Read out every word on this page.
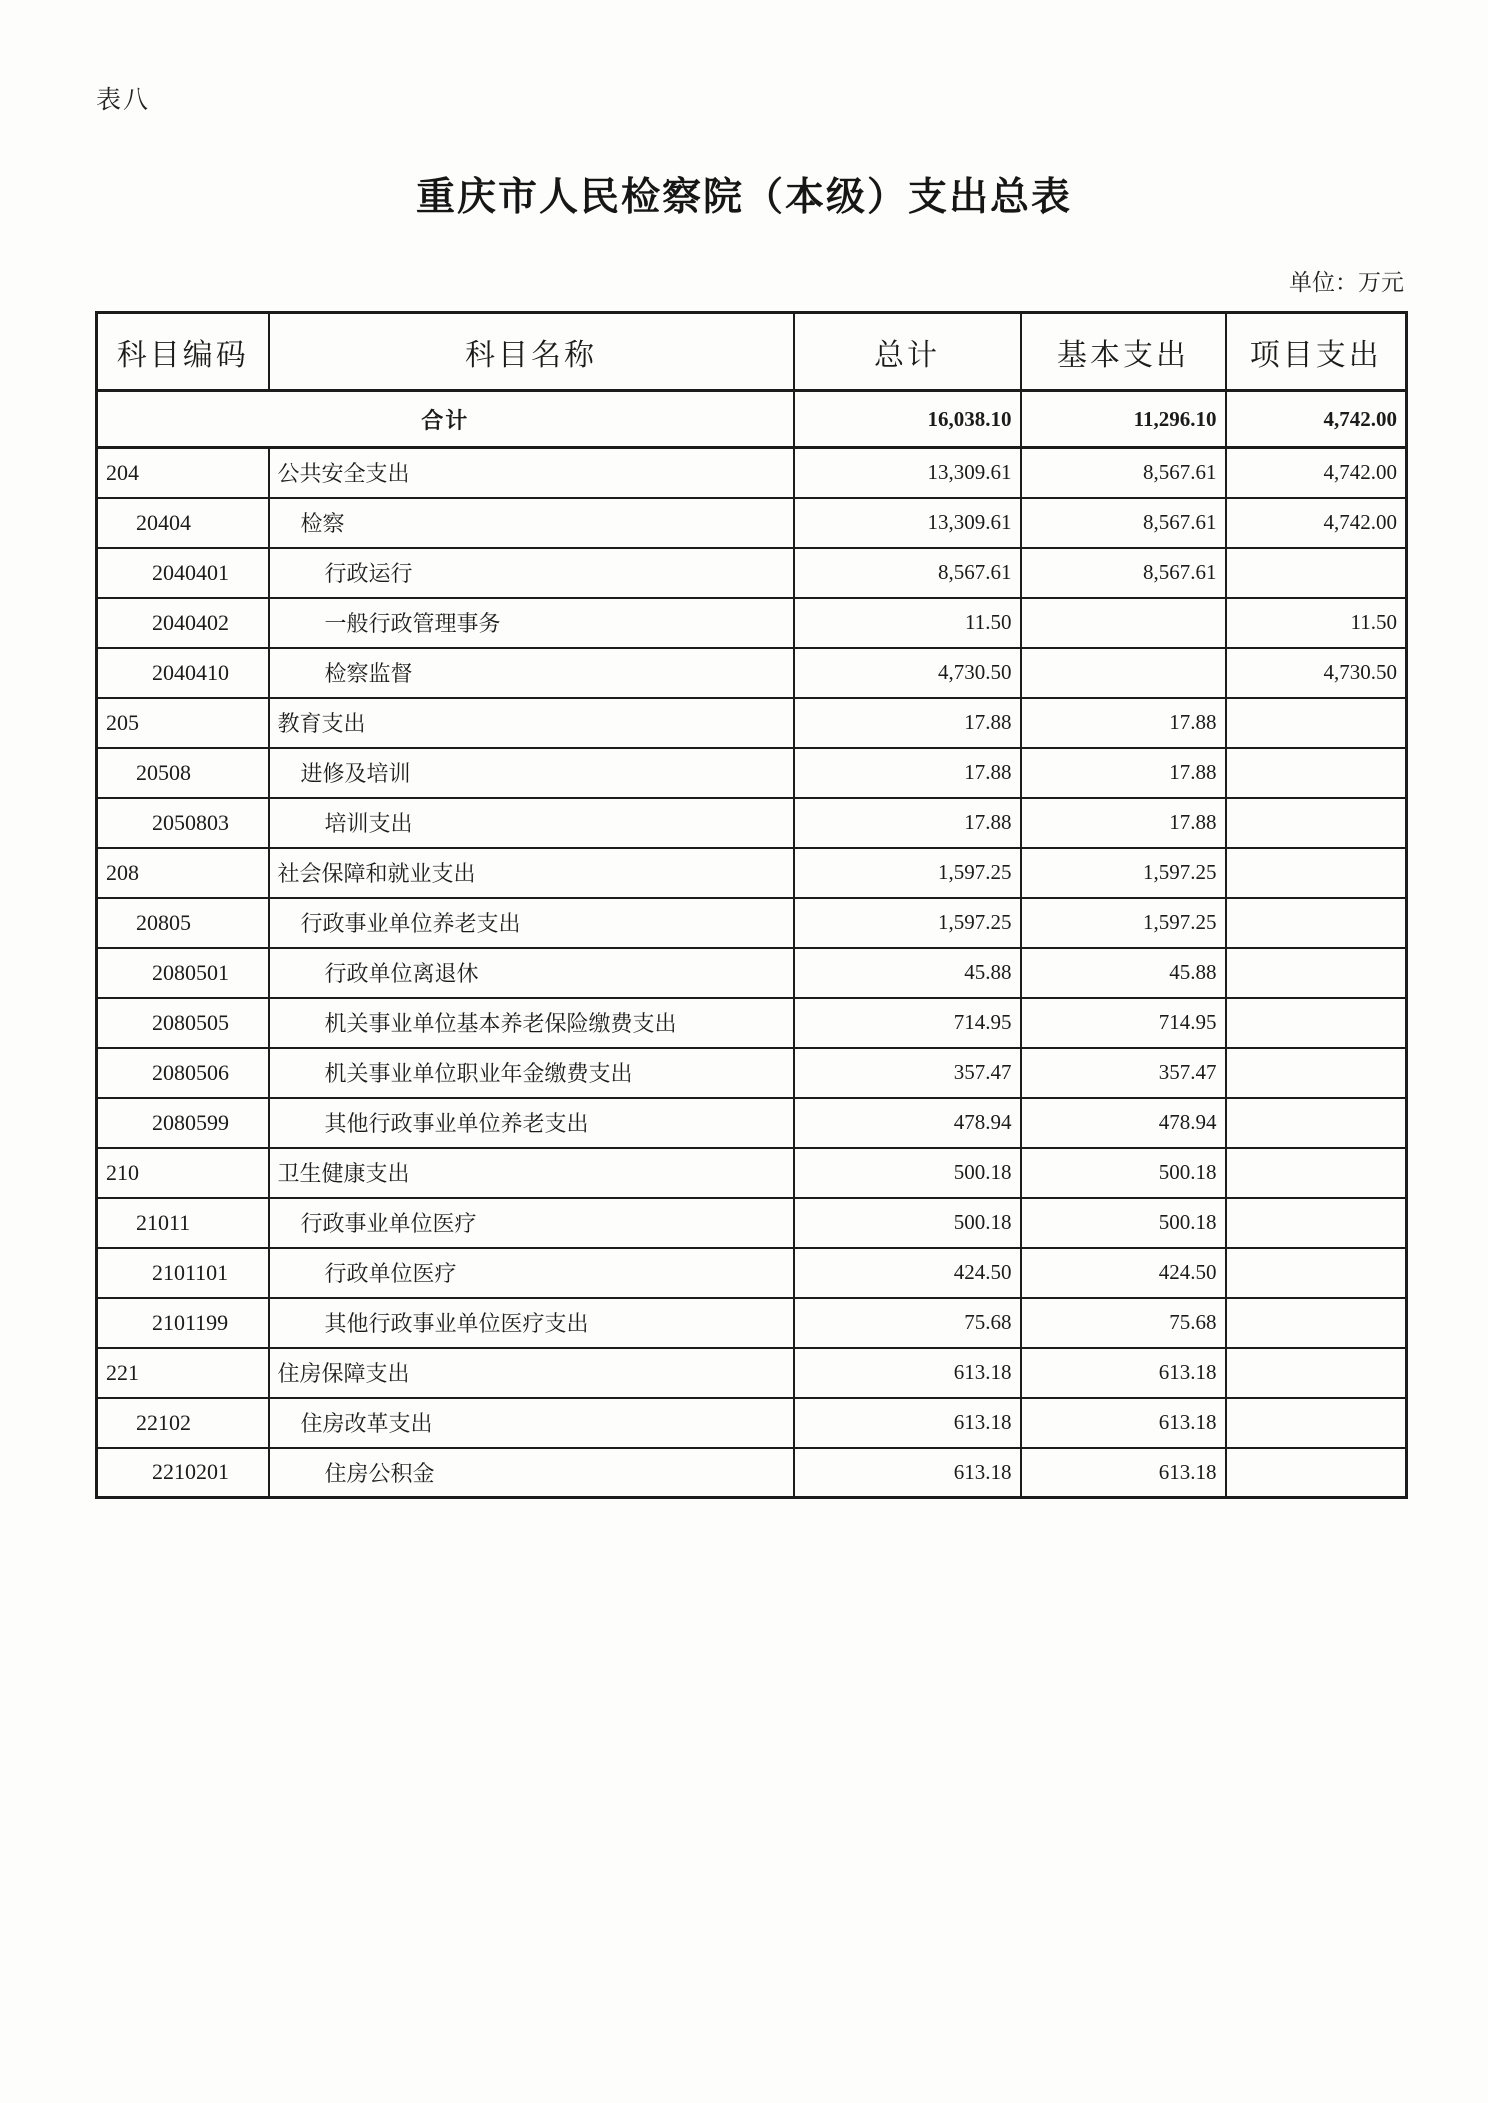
表八
重庆市人民检察院（本级）支出总表
单位：万元
科目编码	科目名称	总计	基本支出	项目支出
合计		16,038.10	11,296.10	4,742.00
204	公共安全支出	13,309.61	8,567.61	4,742.00
20404	检察	13,309.61	8,567.61	4,742.00
2040401	行政运行	8,567.61	8,567.61	
2040402	一般行政管理事务	11.50		11.50
2040410	检察监督	4,730.50		4,730.50
205	教育支出	17.88	17.88	
20508	进修及培训	17.88	17.88	
2050803	培训支出	17.88	17.88	
208	社会保障和就业支出	1,597.25	1,597.25	
20805	行政事业单位养老支出	1,597.25	1,597.25	
2080501	行政单位离退休	45.88	45.88	
2080505	机关事业单位基本养老保险缴费支出	714.95	714.95	
2080506	机关事业单位职业年金缴费支出	357.47	357.47	
2080599	其他行政事业单位养老支出	478.94	478.94	
210	卫生健康支出	500.18	500.18	
21011	行政事业单位医疗	500.18	500.18	
2101101	行政单位医疗	424.50	424.50	
2101199	其他行政事业单位医疗支出	75.68	75.68	
221	住房保障支出	613.18	613.18	
22102	住房改革支出	613.18	613.18	
2210201	住房公积金	613.18	613.18	
